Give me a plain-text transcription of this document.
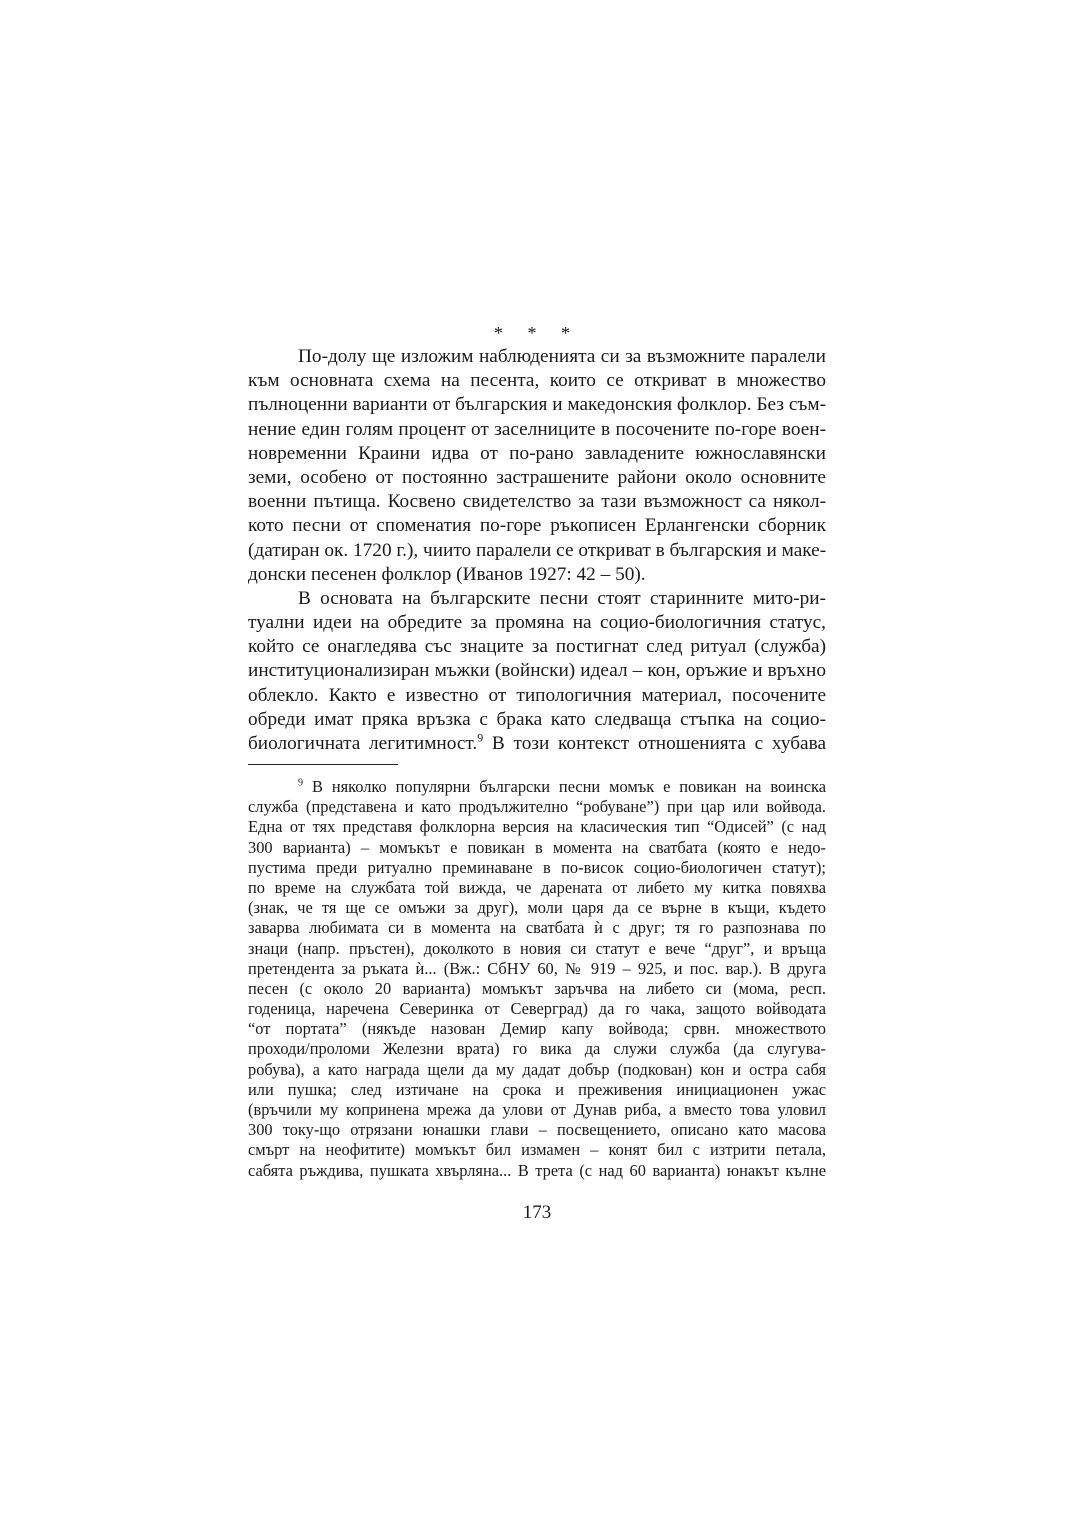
* * *
По-долу ще изложим наблюденията си за възможните паралели
към основната схема на песента, които се откриват в множество
пълноценни варианти от българския и македонския фолклор. Без съм-
нение един голям процент от заселниците в посочените по-горе воен-
новременни Краини идва от по-рано завладените южнославянски
земи, особено от постоянно застрашените райони около основните
военни пътища. Косвено свидетелство за тази възможност са някол-
кото песни от споменатия по-горе ръкописен Ерлангенски сборник
(датиран ок. 1720 г.), чиито паралели се откриват в българския и маке-
донски песенен фолклор (Иванов 1927: 42 – 50).
В основата на българските песни стоят старинните мито-ри-
туални идеи на обредите за промяна на социо-биологичния статус,
който се онагледява със знаците за постигнат след ритуал (служба)
институционализиран мъжки (войнски) идеал – кон, оръжие и връхно
облекло. Както е известно от типологичния материал, посочените
обреди имат пряка връзка с брака като следваща стъпка на социо-
биологичната легитимност.$^9$ В този контекст отношенията с хубава
$^9$ В няколко популярни български песни момък е повикан на воинска
служба (представена и като продължително “робуване”) при цар или войвода.
Една от тях представя фолклорна версия на класическия тип “Одисей” (с над
300 варианта) – момъкът е повикан в момента на сватбата (която е недо-
пустима преди ритуално преминаване в по-висок социо-биологичен статут);
по време на службата той вижда, че дарената от либето му китка повяхва
(знак, че тя ще се омъжи за друг), моли царя да се върне в къщи, където
заварва любимата си в момента на сватбата ѝ с друг; тя го разпознава по
знаци (напр. пръстен), доколкото в новия си статут е вече “друг”, и връща
претендента за ръката ѝ... (Вж.: СбНУ 60, № 919 – 925, и пос. вар.). В друга
песен (с около 20 варианта) момъкът заръчва на либето си (мома, респ.
годеница, наречена Северинка от Северград) да го чака, защото войводата
“от портата” (някъде назован Демир капу войвода; срвн. множеството
проходи/проломи Железни врата) го вика да служи служба (да слугува-
робува), а като награда щели да му дадат добър (подкован) кон и остра сабя
или пушка; след изтичане на срока и преживения инициационен ужас
(връчили му копринена мрежа да улови от Дунав риба, а вместо това уловил
300 току-що отрязани юнашки глави – посвещението, описано като масова
смърт на неофитите) момъкът бил измамен – конят бил с изтрити петала,
сабята ръждива, пушката хвърляна... В трета (с над 60 варианта) юнакът кълне
173
